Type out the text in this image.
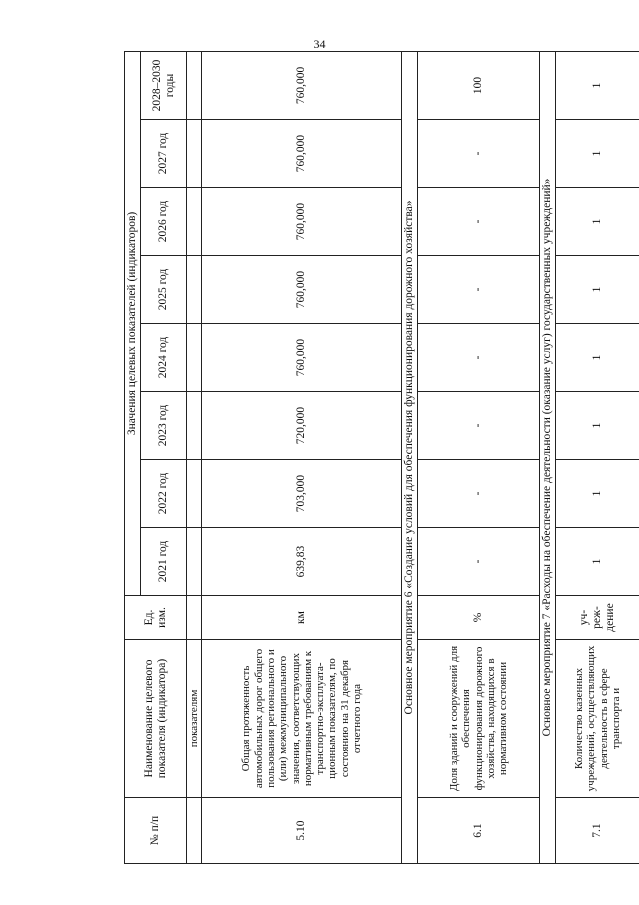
34
№ п/п	Наименование целевого показателя (индикатора)	Ед. изм.	Значения целевых показателей (индикаторов)							
			2021 год	2022 год	2023 год	2024 год	2025 год	2026 год	2027 год	2028–2030 годы
	показателям									
5.10	Общая протяженность автомобильных дорог общего пользования регионального и (или) межмуниципального значения, соответствующих нормативным требованиям к транспортно-эксплуата-ционным показателям, по состоянию на 31 декабря отчетного года	км	639,83	703,000	720,000	760,000	760,000	760,000	760,000	760,000
Основное мероприятие 6 «Создание условий для обеспечения функционирования дорожного хозяйства»										
6.1	Доля зданий и сооружений для обеспечения функционирования дорожного хозяйства, находящихся в нормативном состоянии	%	-	-	-	-	-	-	-	100
Основное мероприятие 7 «Расходы на обеспечение деятельности (оказание услуг) государственных учреждений»										
7.1	Количество казенных учреждений, осуществляющих деятельность в сфере транспорта и	уч-реж-дение	1	1	1	1	1	1	1	1
